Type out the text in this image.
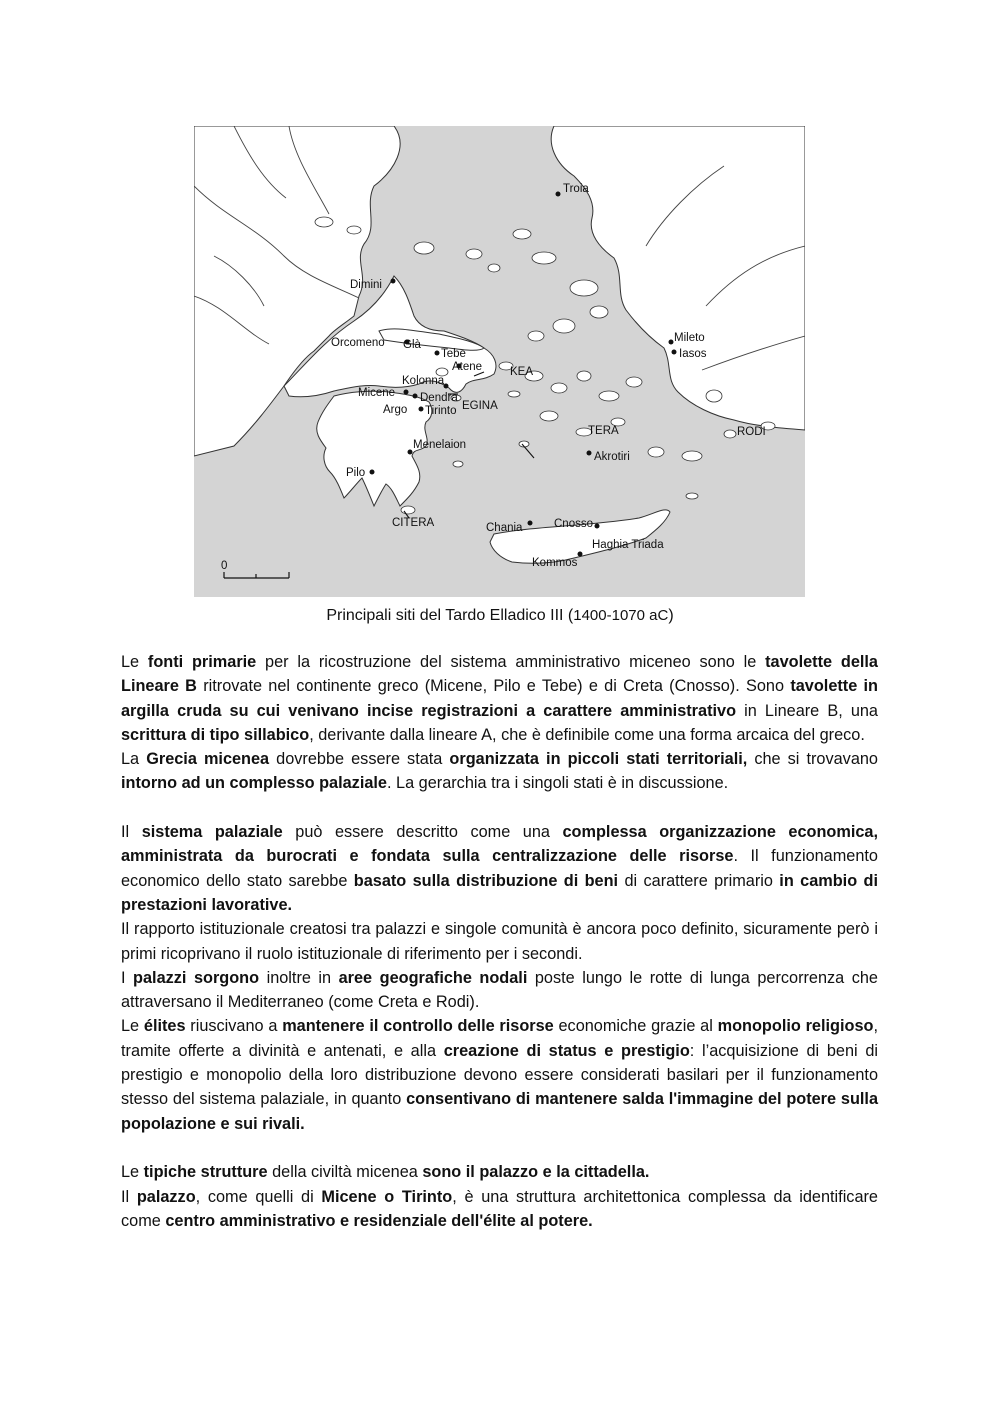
Troia
Dimini
Orcomeno Glà
Tebe
Atene KEA
Kolonna
Micene Dendra
EGINA
Argo Tirinto
Menelaion
Pilo
Mileto
Iasos
TERA
Akrotiri
RODI
CITERA	Chania	Cnosso
Haghia Triada
Kommos
0
Principali siti del Tardo Elladico III (1400-1070 aC)

Le fonti primarie per la ricostruzione del sistema amministrativo miceneo sono le tavolette della Lineare B ritrovate nel continente greco (Micene, Pilo e Tebe) e di Creta (Cnosso). Sono tavolette in argilla cruda su cui venivano incise registrazioni a carattere amministrativo in Lineare B, una scrittura di tipo sillabico, derivante dalla lineare A, che è definibile come una forma arcaica del greco.

La Grecia micenea dovrebbe essere stata organizzata in piccoli stati territoriali, che si trovavano intorno ad un complesso palaziale. La gerarchia tra i singoli stati è in discussione.

Il sistema palaziale può essere descritto come una complessa organizzazione economica, amministrata da burocrati e fondata sulla centralizzazione delle risorse. Il funzionamento economico dello stato sarebbe basato sulla distribuzione di beni di carattere primario in cambio di prestazioni lavorative.

Il rapporto istituzionale creatosi tra palazzi e singole comunità è ancora poco definito, sicuramente però i primi ricoprivano il ruolo istituzionale di riferimento per i secondi.

I palazzi sorgono inoltre in aree geografiche nodali poste lungo le rotte di lunga percorrenza che attraversano il Mediterraneo (come Creta e Rodi).

Le élites riuscivano a mantenere il controllo delle risorse economiche grazie al monopolio religioso, tramite offerte a divinità e antenati, e alla creazione di status e prestigio: l’acquisizione di beni di prestigio e monopolio della loro distribuzione devono essere considerati basilari per il funzionamento stesso del sistema palaziale, in quanto consentivano di mantenere salda l'immagine del potere sulla popolazione e sui rivali.

Le tipiche strutture della civiltà micenea sono il palazzo e la cittadella.

Il palazzo, come quelli di Micene o Tirinto, è una struttura architettonica complessa da identificare come centro amministrativo e residenziale dell'élite al potere.
